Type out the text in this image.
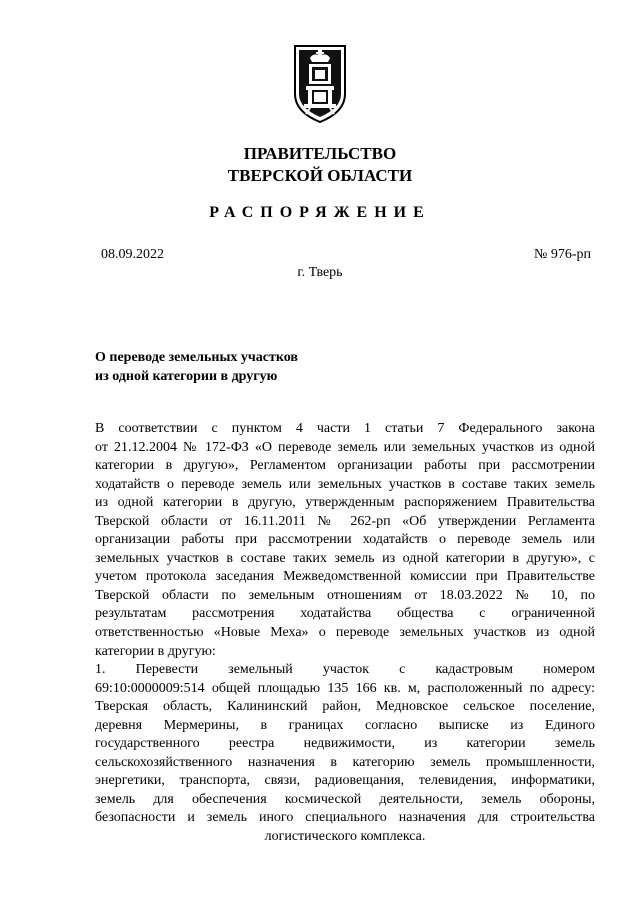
ПРАВИТЕЛЬСТВО
ТВЕРСКОЙ ОБЛАСТИ
РАСПОРЯЖЕНИЕ
08.09.2022	№ 976-рп
г. Тверь
О переводе земельных участков
из одной категории в другую
В соответствии с пунктом 4 части 1 статьи 7 Федерального закона
от 21.12.2004 № 172-ФЗ «О переводе земель или земельных участков из одной
категории в другую», Регламентом организации работы при рассмотрении
ходатайств о переводе земель или земельных участков в составе таких земель
из одной категории в другую, утвержденным распоряжением Правительства
Тверской области от 16.11.2011 № 262-рп «Об утверждении Регламента
организации работы при рассмотрении ходатайств о переводе земель или
земельных участков в составе таких земель из одной категории в другую», с
учетом протокола заседания Межведомственной комиссии при Правительстве
Тверской области по земельным отношениям от 18.03.2022 № 10, по
результатам рассмотрения ходатайства общества с ограниченной
ответственностью «Новые Меха» о переводе земельных участков из одной
категории в другую:
1. Перевести земельный участок с кадастровым номером
69:10:0000009:514 общей площадью 135 166 кв. м, расположенный по адресу:
Тверская область, Калининский район, Медновское сельское поселение,
деревня Мермерины, в границах согласно выписке из Единого
государственного реестра недвижимости, из категории земель
сельскохозяйственного назначения в категорию земель промышленности,
энергетики, транспорта, связи, радиовещания, телевидения, информатики,
земель для обеспечения космической деятельности, земель обороны,
безопасности и земель иного специального назначения для строительства
логистического комплекса.
